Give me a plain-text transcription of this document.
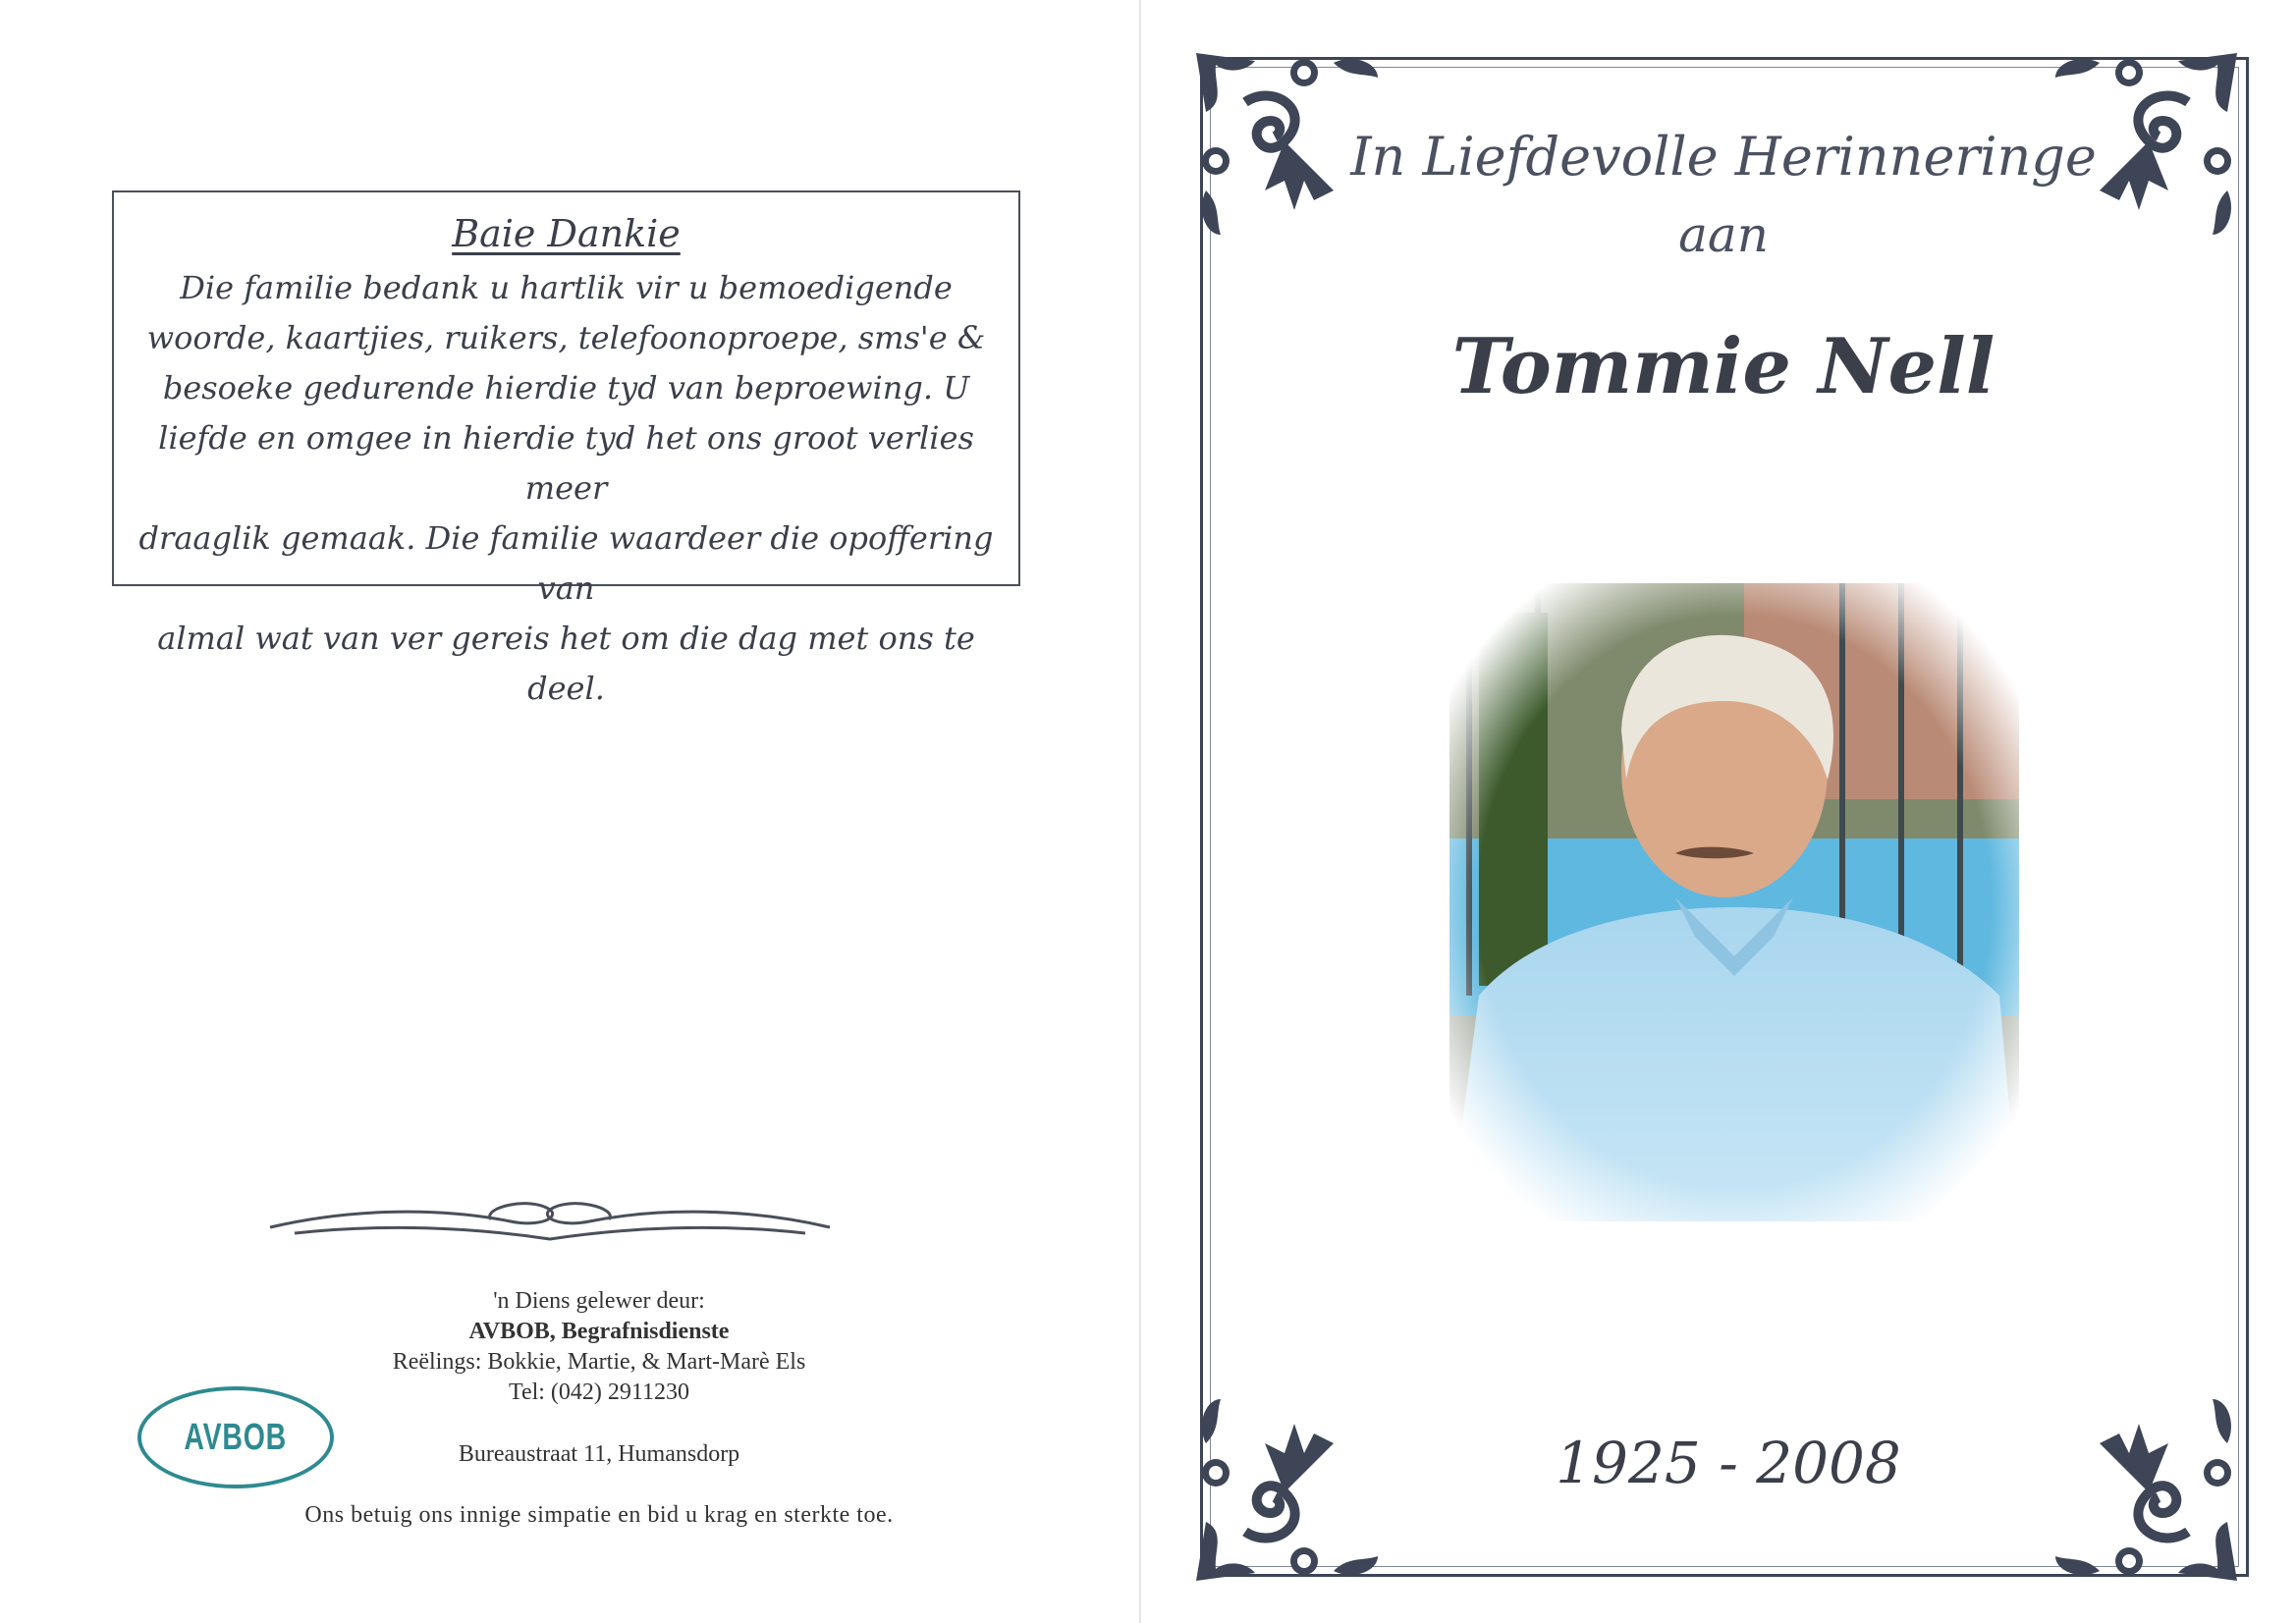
Baie Dankie
Die familie bedank u hartlik vir u bemoedigende
woorde, kaartjies, ruikers, telefoonoproepe, sms'e &
besoeke gedurende hierdie tyd van beproewing. U
liefde en omgee in hierdie tyd het ons groot verlies meer
draaglik gemaak. Die familie waardeer die opoffering van
almal wat van ver gereis het om die dag met ons te deel.
'n Diens gelewer deur:
AVBOB, Begrafnisdienste
Reëlings: Bokkie, Martie, & Mart-Marè Els
Tel: (042) 2911230
AVBOB	Bureaustraat 11, Humansdorp
Ons betuig ons innige simpatie en bid u krag en sterkte toe.
In Liefdevolle Herinneringe
aan
Tommie Nell
1925 - 2008
